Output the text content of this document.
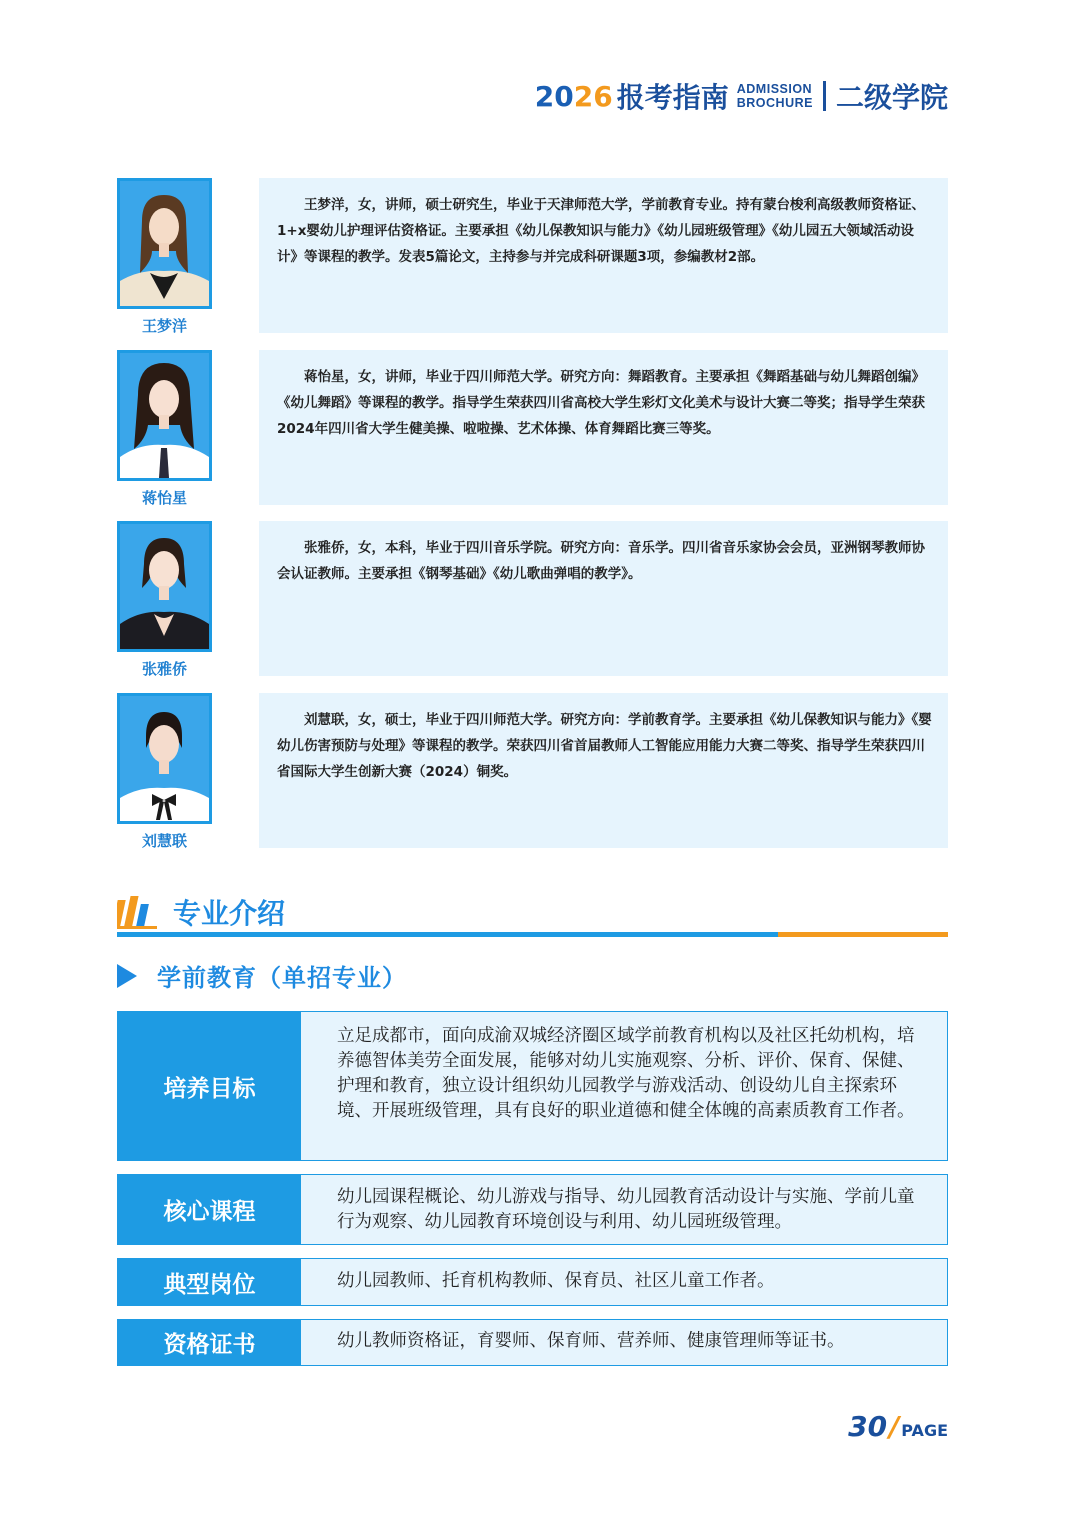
2026 报考指南 ADMISSION
BROCHURE 二级学院
王梦洋

王梦洋，女，讲师，硕士研究生，毕业于天津师范大学，学前教育专业。持有蒙台梭利高级教师资格证、1+x婴幼儿护理评估资格证。主要承担《幼儿保教知识与能力》《幼儿园班级管理》《幼儿园五大领域活动设计》等课程的教学。发表5篇论文，主持参与并完成科研课题3项，参编教材2部。

蒋怡星

蒋怡星，女，讲师，毕业于四川师范大学。研究方向：舞蹈教育。主要承担《舞蹈基础与幼儿舞蹈创编》《幼儿舞蹈》等课程的教学。指导学生荣获四川省高校大学生彩灯文化美术与设计大赛二等奖；指导学生荣获2024年四川省大学生健美操、啦啦操、艺术体操、体育舞蹈比赛三等奖。

张雅侨

张雅侨，女，本科，毕业于四川音乐学院。研究方向：音乐学。四川省音乐家协会会员，亚洲钢琴教师协会认证教师。主要承担《钢琴基础》《幼儿歌曲弹唱的教学》。

刘慧联

刘慧联，女，硕士，毕业于四川师范大学。研究方向：学前教育学。主要承担《幼儿保教知识与能力》《婴幼儿伤害预防与处理》等课程的教学。荣获四川省首届教师人工智能应用能力大赛二等奖、指导学生荣获四川省国际大学生创新大赛（2024）铜奖。

专业介绍
学前教育（单招专业）
培养目标

立足成都市，面向成渝双城经济圈区域学前教育机构以及社区托幼机构，培养德智体美劳全面发展，能够对幼儿实施观察、分析、评价、保育、保健、护理和教育，独立设计组织幼儿园教学与游戏活动、创设幼儿自主探索环境、开展班级管理，具有良好的职业道德和健全体魄的高素质教育工作者。

核心课程

幼儿园课程概论、幼儿游戏与指导、幼儿园教育活动设计与实施、学前儿童行为观察、幼儿园教育环境创设与利用、幼儿园班级管理。

典型岗位	幼儿园教师、托育机构教师、保育员、社区儿童工作者。

资格证书	幼儿教师资格证，育婴师、保育师、营养师、健康管理师等证书。

30 / PAGE
